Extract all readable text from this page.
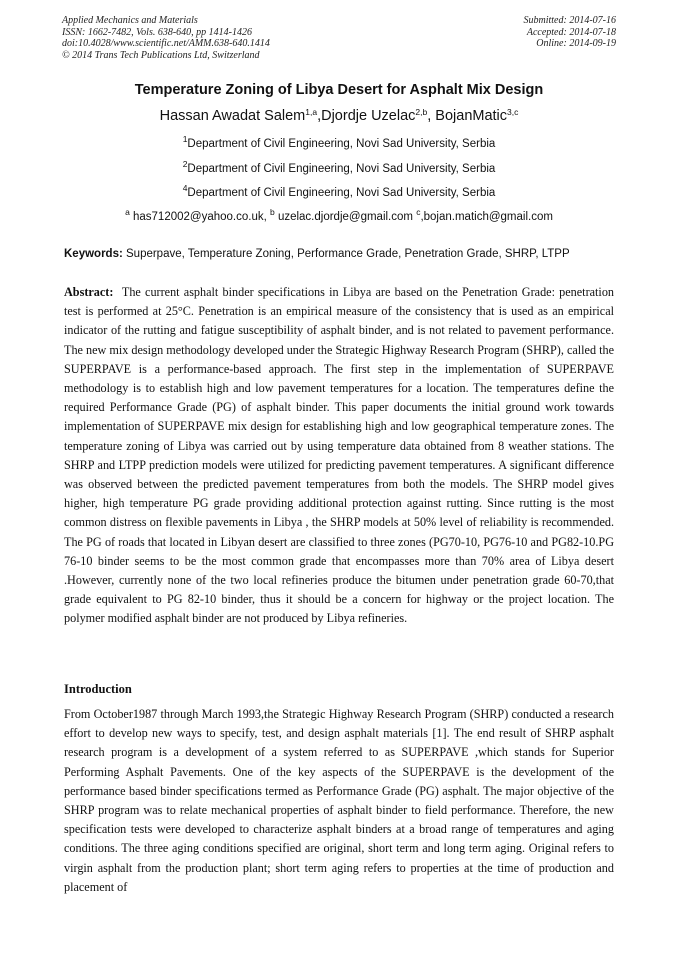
Applied Mechanics and Materials
ISSN: 1662-7482, Vols. 638-640, pp 1414-1426
doi:10.4028/www.scientific.net/AMM.638-640.1414
© 2014 Trans Tech Publications Ltd, Switzerland
Submitted: 2014-07-16
Accepted: 2014-07-18
Online: 2014-09-19
Temperature Zoning of Libya Desert for Asphalt Mix Design
Hassan Awadat Salem$^{1,a}$,Djordje Uzelac$^{2,b}$, BojanMatic$^{3,c}$
$^1$Department of Civil Engineering, Novi Sad University, Serbia
$^2$Department of Civil Engineering, Novi Sad University, Serbia
$^4$Department of Civil Engineering, Novi Sad University, Serbia
$^a$ has712002@yahoo.co.uk, $^b$ uzelac.djordje@gmail.com $^c$,bojan.matich@gmail.com
Keywords: Superpave, Temperature Zoning, Performance Grade, Penetration Grade, SHRP, LTPP
Abstract: The current asphalt binder specifications in Libya are based on the Penetration Grade: penetration test is performed at 25°C. Penetration is an empirical measure of the consistency that is used as an empirical indicator of the rutting and fatigue susceptibility of asphalt binder, and is not related to pavement performance. The new mix design methodology developed under the Strategic Highway Research Program (SHRP), called the SUPERPAVE is a performance-based approach. The first step in the implementation of SUPERPAVE methodology is to establish high and low pavement temperatures for a location. The temperatures define the required Performance Grade (PG) of asphalt binder. This paper documents the initial ground work towards implementation of SUPERPAVE mix design for establishing high and low geographical temperature zones. The temperature zoning of Libya was carried out by using temperature data obtained from 8 weather stations. The SHRP and LTPP prediction models were utilized for predicting pavement temperatures. A significant difference was observed between the predicted pavement temperatures from both the models. The SHRP model gives higher, high temperature PG grade providing additional protection against rutting. Since rutting is the most common distress on flexible pavements in Libya , the SHRP models at 50% level of reliability is recommended. The PG of roads that located in Libyan desert are classified to three zones (PG70-10, PG76-10 and PG82-10.PG 76-10 binder seems to be the most common grade that encompasses more than 70% area of Libya desert .However, currently none of the two local refineries produce the bitumen under penetration grade 60-70,that grade equivalent to PG 82-10 binder, thus it should be a concern for highway or the project location. The polymer modified asphalt binder are not produced by Libya refineries.
Introduction
From October1987 through March 1993,the Strategic Highway Research Program (SHRP) conducted a research effort to develop new ways to specify, test, and design asphalt materials [1]. The end result of SHRP asphalt research program is a development of a system referred to as SUPERPAVE ,which stands for Superior Performing Asphalt Pavements. One of the key aspects of the SUPERPAVE is the development of the performance based binder specifications termed as Performance Grade (PG) asphalt. The major objective of the SHRP program was to relate mechanical properties of asphalt binder to field performance. Therefore, the new specification tests were developed to characterize asphalt binders at a broad range of temperatures and aging conditions. The three aging conditions specified are original, short term and long term aging. Original refers to virgin asphalt from the production plant; short term aging refers to properties at the time of production and placement of
